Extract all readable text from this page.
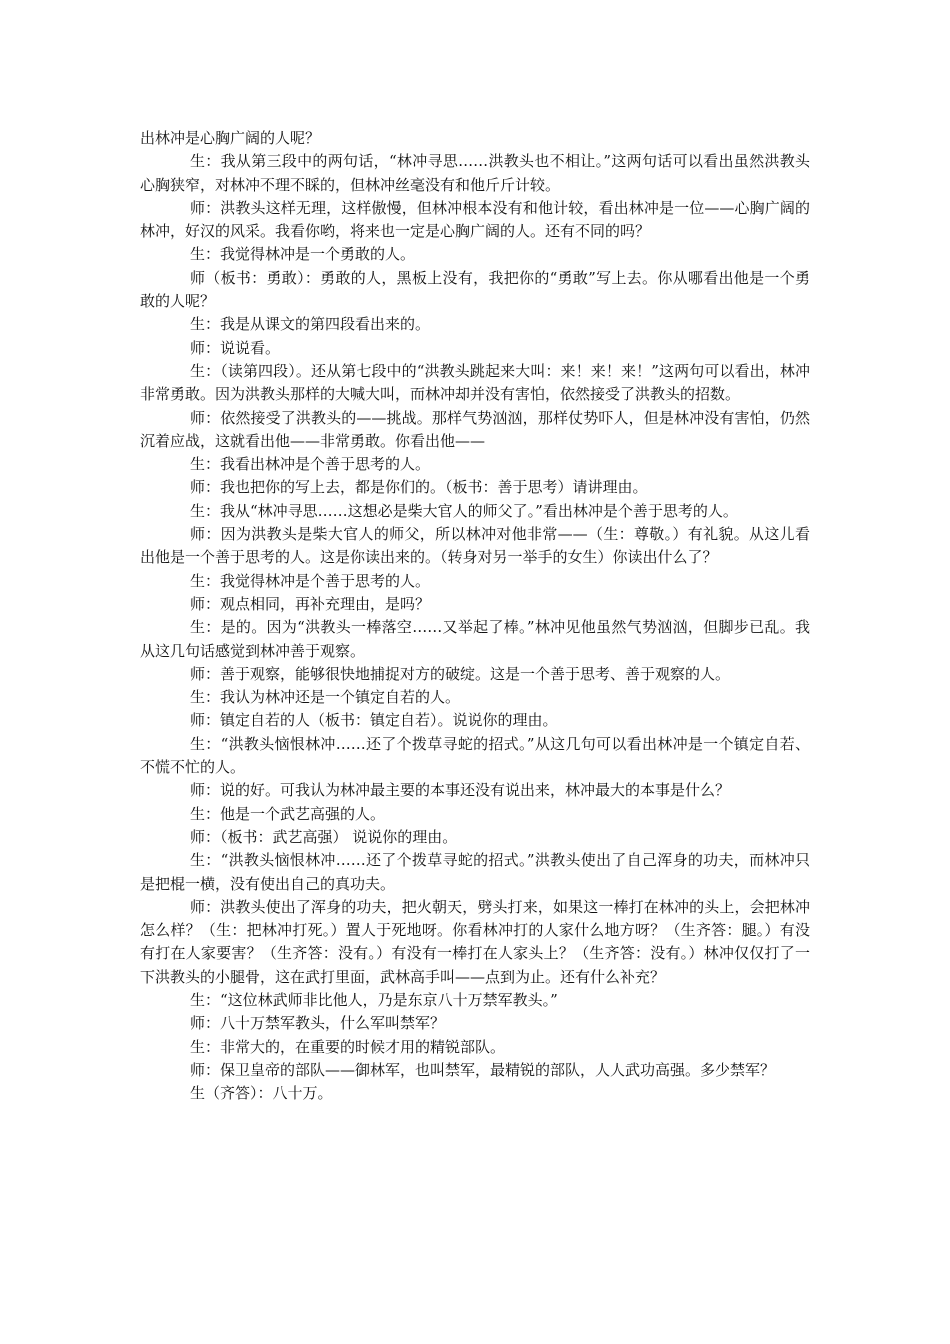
出林冲是心胸广阔的人呢？

生：我从第三段中的两句话，“林冲寻思……洪教头也不相让。”这两句话可以看出虽然洪教头心胸狭窄，对林冲不理不睬的，但林冲丝毫没有和他斤斤计较。

师：洪教头这样无理，这样傲慢，但林冲根本没有和他计较，看出林冲是一位——心胸广阔的林冲，好汉的风采。我看你哟，将来也一定是心胸广阔的人。还有不同的吗？

生：我觉得林冲是一个勇敢的人。

师（板书：勇敢）：勇敢的人，黑板上没有，我把你的“勇敢”写上去。你从哪看出他是一个勇敢的人呢？

生：我是从课文的第四段看出来的。

师：说说看。

生：（读第四段）。还从第七段中的“洪教头跳起来大叫：来！来！来！”这两句可以看出，林冲非常勇敢。因为洪教头那样的大喊大叫，而林冲却并没有害怕，依然接受了洪教头的招数。

师：依然接受了洪教头的——挑战。那样气势汹汹，那样仗势吓人，但是林冲没有害怕，仍然沉着应战，这就看出他——非常勇敢。你看出他——

生：我看出林冲是个善于思考的人。

师：我也把你的写上去，都是你们的。（板书：善于思考）请讲理由。

生：我从“林冲寻思……这想必是柴大官人的师父了。”看出林冲是个善于思考的人。

师：因为洪教头是柴大官人的师父，所以林冲对他非常——（生：尊敬。）有礼貌。从这儿看出他是一个善于思考的人。这是你读出来的。（转身对另一举手的女生）你读出什么了？

生：我觉得林冲是个善于思考的人。

师：观点相同，再补充理由，是吗？

生：是的。因为“洪教头一棒落空……又举起了棒。”林冲见他虽然气势汹汹，但脚步已乱。我从这几句话感觉到林冲善于观察。

师：善于观察，能够很快地捕捉对方的破绽。这是一个善于思考、善于观察的人。

生：我认为林冲还是一个镇定自若的人。

师：镇定自若的人（板书：镇定自若）。说说你的理由。

生：“洪教头恼恨林冲……还了个拨草寻蛇的招式。”从这几句可以看出林冲是一个镇定自若、不慌不忙的人。

师：说的好。可我认为林冲最主要的本事还没有说出来，林冲最大的本事是什么？

生：他是一个武艺高强的人。

师：（板书：武艺高强） 说说你的理由。

生：“洪教头恼恨林冲……还了个拨草寻蛇的招式。”洪教头使出了自己浑身的功夫，而林冲只是把棍一横，没有使出自己的真功夫。

师：洪教头使出了浑身的功夫，把火朝天，劈头打来，如果这一棒打在林冲的头上，会把林冲怎么样？（生：把林冲打死。）置人于死地呀。你看林冲打的人家什么地方呀？（生齐答：腿。）有没有打在人家要害？（生齐答：没有。）有没有一棒打在人家头上？（生齐答：没有。）林冲仅仅打了一下洪教头的小腿骨，这在武打里面，武林高手叫——点到为止。还有什么补充？

生：“这位林武师非比他人，乃是东京八十万禁军教头。”

师：八十万禁军教头，什么军叫禁军？

生：非常大的，在重要的时候才用的精锐部队。

师：保卫皇帝的部队——御林军，也叫禁军，最精锐的部队，人人武功高强。多少禁军？

生（齐答）：八十万。
